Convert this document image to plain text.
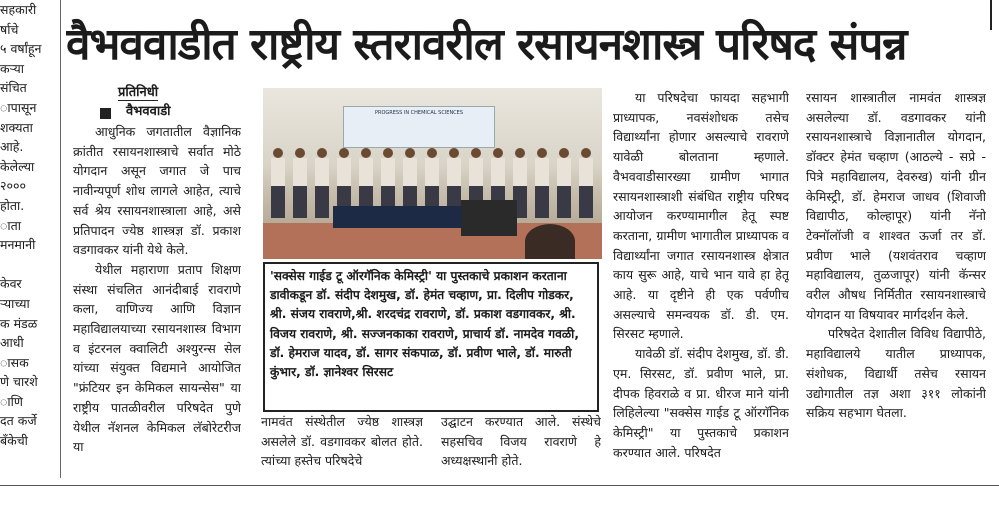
सहकारी
र्षाचे
५ वर्षांहून
कऱ्या
संचित
ापासून
शक्यता
आहे.
केलेल्या
२०००
होता.
ाता
मनमानी

केवर
ऱ्याच्या
क मंडळ
आधी
ासक
णे चारशे
ाणि
दत कर्जे
बँकेची
वैभववाडीत राष्ट्रीय स्तरावरील रसायनशास्त्र परिषद संपन्न
प्रतिनिधी
वैभववाडी

आधुनिक जगतातील वैज्ञानिक क्रांतीत रसायनशास्त्राचे सर्वात मोठे योगदान असून जगात जे पाच नावीन्यपूर्ण शोध लागले आहेत, त्याचे सर्व श्रेय रसायनशास्त्राला आहे, असे प्रतिपादन ज्येष्ठ शास्त्रज्ञ डॉ. प्रकाश वडगावकर यांनी येथे केले.

येथील महाराणा प्रताप शिक्षण संस्था संचलित आनंदीबाई रावराणे कला, वाणिज्य आणि विज्ञान महाविद्यालयाच्या रसायनशास्त्र विभाग व इंटरनल क्वालिटी अश्युरन्स सेल यांच्या संयुक्त विद्यमाने आयोजित "फ्रंटियर इन केमिकल सायन्सेस" या राष्ट्रीय पातळीवरील परिषदेत पुणे येथील नॅशनल केमिकल लॅबोरेटरीज या

PROGRESS IN CHEMICAL SCIENCES
'सक्सेस गाईड टू ऑरगॅनिक केमिस्ट्री' या पुस्तकाचे प्रकाशन करताना डावीकडून डॉ. संदीप देशमुख, डॉ. हेमंत चव्हाण, प्रा. दिलीप गोडकर, श्री. संजय रावराणे,श्री. शरदचंद्र रावराणे, डॉ. प्रकाश वडगावकर, श्री. विजय रावराणे, श्री. सज्जनकाका रावराणे, प्राचार्य डॉ. नामदेव गवळी, डॉ. हेमराज यादव, डॉ. सागर संकपाळ, डॉ. प्रवीण भाले, डॉ. मारुती कुंभार, डॉ. ज्ञानेश्वर सिरसट
नामवंत संस्थेतील ज्येष्ठ शास्त्रज्ञ असलेले डॉ. वडगावकर बोलत होते. त्यांच्या हस्तेच परिषदेचे
उद्घाटन करण्यात आले. संस्थेचे सहसचिव विजय रावराणे हे अध्यक्षस्थानी होते.

या परिषदेचा फायदा सहभागी प्राध्यापक, नवसंशोधक तसेच विद्यार्थ्यांना होणार असल्याचे रावराणे यावेळी बोलताना म्हणाले. वैभववाडीसारख्या ग्रामीण भागात रसायनशास्त्राशी संबंधित राष्ट्रीय परिषद आयोजन करण्यामागील हेतू स्पष्ट करताना, ग्रामीण भागातील प्राध्यापक व विद्यार्थ्यांना जगात रसायनशास्त्र क्षेत्रात काय सुरू आहे, याचे भान यावे हा हेतू आहे. या दृष्टीने ही एक पर्वणीच असल्याचे समन्वयक डॉ. डी. एम. सिरसट म्हणाले.

यावेळी डॉ. संदीप देशमुख, डॉ. डी. एम. सिरसट, डॉ. प्रवीण भाले, प्रा. दीपक हिवराळे व प्रा. धीरज माने यांनी लिहिलेल्या "सक्सेस गाईड टू ऑरगॅनिक केमिस्ट्री" या पुस्तकाचे प्रकाशन करण्यात आले. परिषदेत

रसायन शास्त्रातील नामवंत शास्त्रज्ञ असलेल्या डॉ. वडगावकर यांनी रसायनशास्त्राचे विज्ञानातील योगदान, डॉक्टर हेमंत चव्हाण (आठल्ये - सप्रे - पित्रे महाविद्यालय, देवरुख) यांनी ग्रीन केमिस्ट्री, डॉ. हेमराज जाधव (शिवाजी विद्यापीठ, कोल्हापूर) यांनी नॅनो टेक्नॉलॉजी व शाश्वत ऊर्जा तर डॉ. प्रवीण भाले (यशवंतराव चव्हाण महाविद्यालय, तुळजापूर) यांनी कॅन्सर वरील औषध निर्मितीत रसायनशास्त्राचे योगदान या विषयावर मार्गदर्शन केले.

परिषदेत देशातील विविध विद्यापीठे, महाविद्यालये यातील प्राध्यापक, संशोधक, विद्यार्थी तसेच रसायन उद्योगातील तज्ञ अशा ३११ लोकांनी सक्रिय सहभाग घेतला.
